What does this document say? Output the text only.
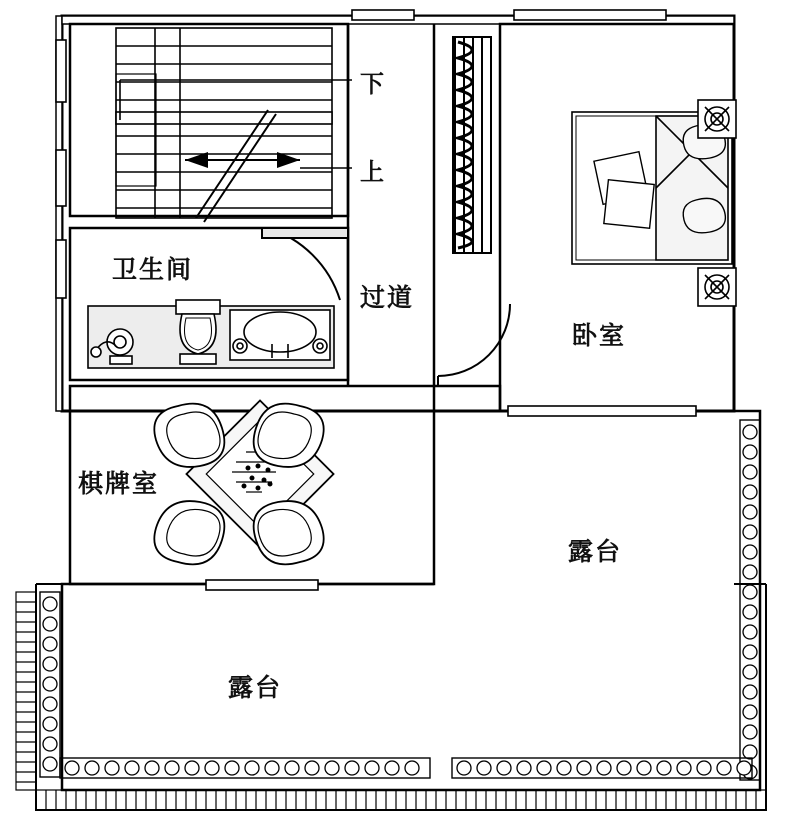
下
上
卫生间
过道
卧室
棋牌室
露台
露台
